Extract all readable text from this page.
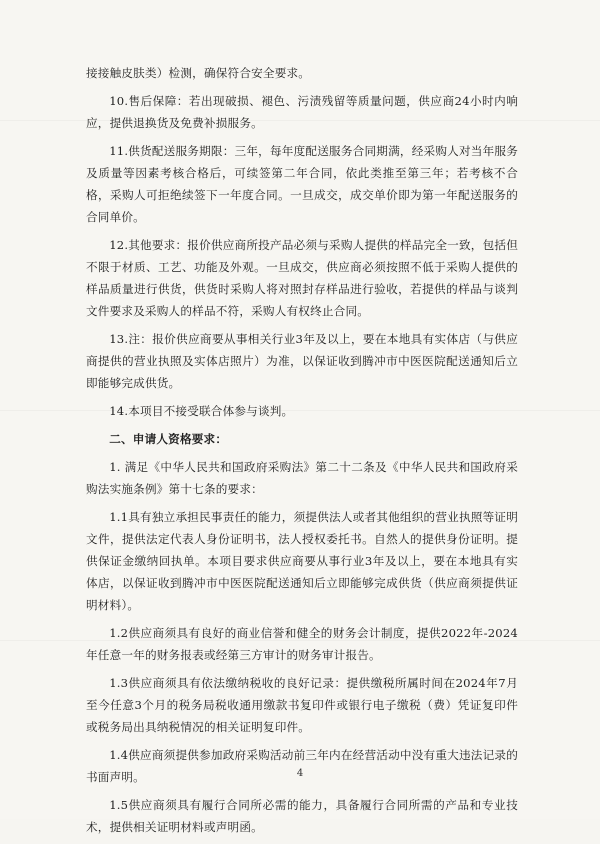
接接触皮肤类）检测，确保符合安全要求。

10.售后保障：若出现破损、褪色、污渍残留等质量问题，供应商24小时内响应，提供退换货及免费补损服务。

11.供货配送服务期限：三年，每年度配送服务合同期满，经采购人对当年服务及质量等因素考核合格后，可续签第二年合同，依此类推至第三年；若考核不合格，采购人可拒绝续签下一年度合同。一旦成交，成交单价即为第一年配送服务的合同单价。

12.其他要求：报价供应商所投产品必须与采购人提供的样品完全一致，包括但不限于材质、工艺、功能及外观。一旦成交，供应商必须按照不低于采购人提供的样品质量进行供货，供货时采购人将对照封存样品进行验收，若提供的样品与谈判文件要求及采购人的样品不符，采购人有权终止合同。

13.注：报价供应商要从事相关行业3年及以上，要在本地具有实体店（与供应商提供的营业执照及实体店照片）为准，以保证收到腾冲市中医医院配送通知后立即能够完成供货。

14.本项目不接受联合体参与谈判。

二、申请人资格要求：

1. 满足《中华人民共和国政府采购法》第二十二条及《中华人民共和国政府采购法实施条例》第十七条的要求：

1.1具有独立承担民事责任的能力，须提供法人或者其他组织的营业执照等证明文件，提供法定代表人身份证明书，法人授权委托书。自然人的提供身份证明。提供保证金缴纳回执单。本项目要求供应商要从事行业3年及以上，要在本地具有实体店，以保证收到腾冲市中医医院配送通知后立即能够完成供货（供应商须提供证明材料）。

1.2供应商须具有良好的商业信誉和健全的财务会计制度，提供2022年-2024年任意一年的财务报表或经第三方审计的财务审计报告。

1.3供应商须具有依法缴纳税收的良好记录：提供缴税所属时间在2024年7月至今任意3个月的税务局税收通用缴款书复印件或银行电子缴税（费）凭证复印件或税务局出具纳税情况的相关证明复印件。

1.4供应商须提供参加政府采购活动前三年内在经营活动中没有重大违法记录的书面声明。

1.5供应商须具有履行合同所必需的能力，具备履行合同所需的产品和专业技术，提供相关证明材料或声明函。

4
